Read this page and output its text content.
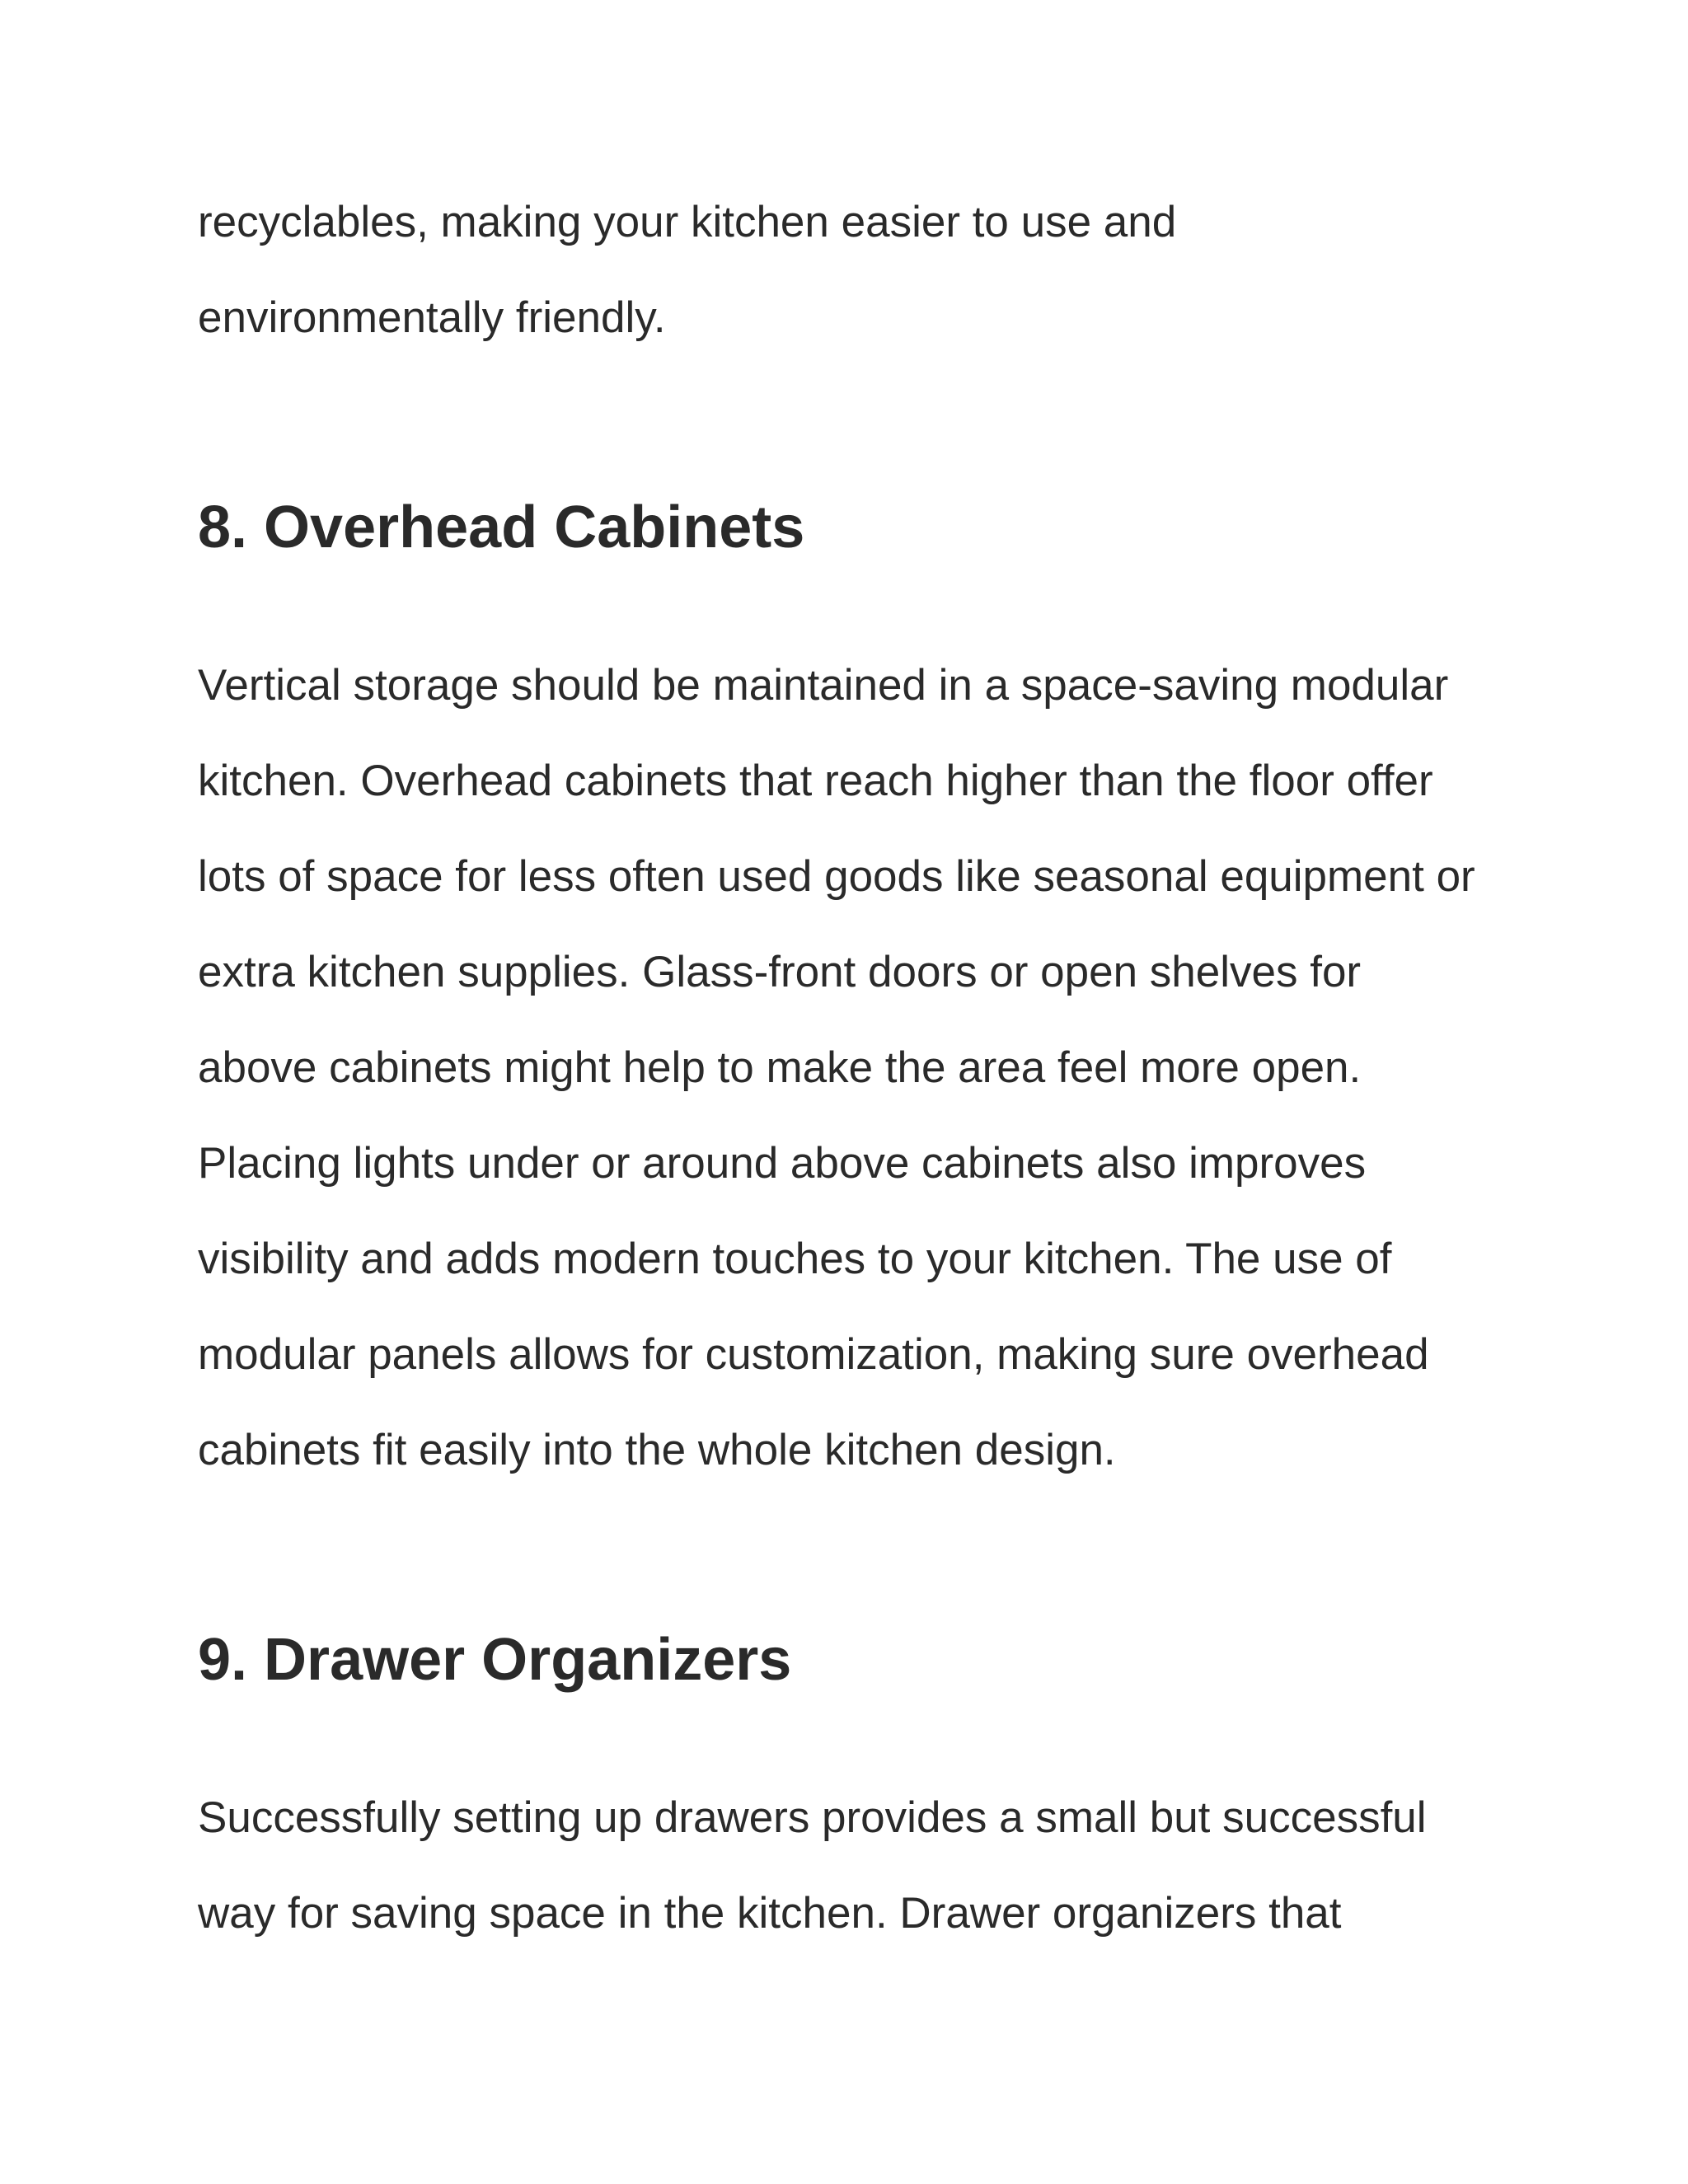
recyclables, making your kitchen easier to use and

environmentally friendly.

8. Overhead Cabinets

Vertical storage should be maintained in a space-saving modular

kitchen. Overhead cabinets that reach higher than the floor offer

lots of space for less often used goods like seasonal equipment or

extra kitchen supplies. Glass-front doors or open shelves for

above cabinets might help to make the area feel more open.

Placing lights under or around above cabinets also improves

visibility and adds modern touches to your kitchen. The use of

modular panels allows for customization, making sure overhead

cabinets fit easily into the whole kitchen design.

9. Drawer Organizers

Successfully setting up drawers provides a small but successful

way for saving space in the kitchen. Drawer organizers that
